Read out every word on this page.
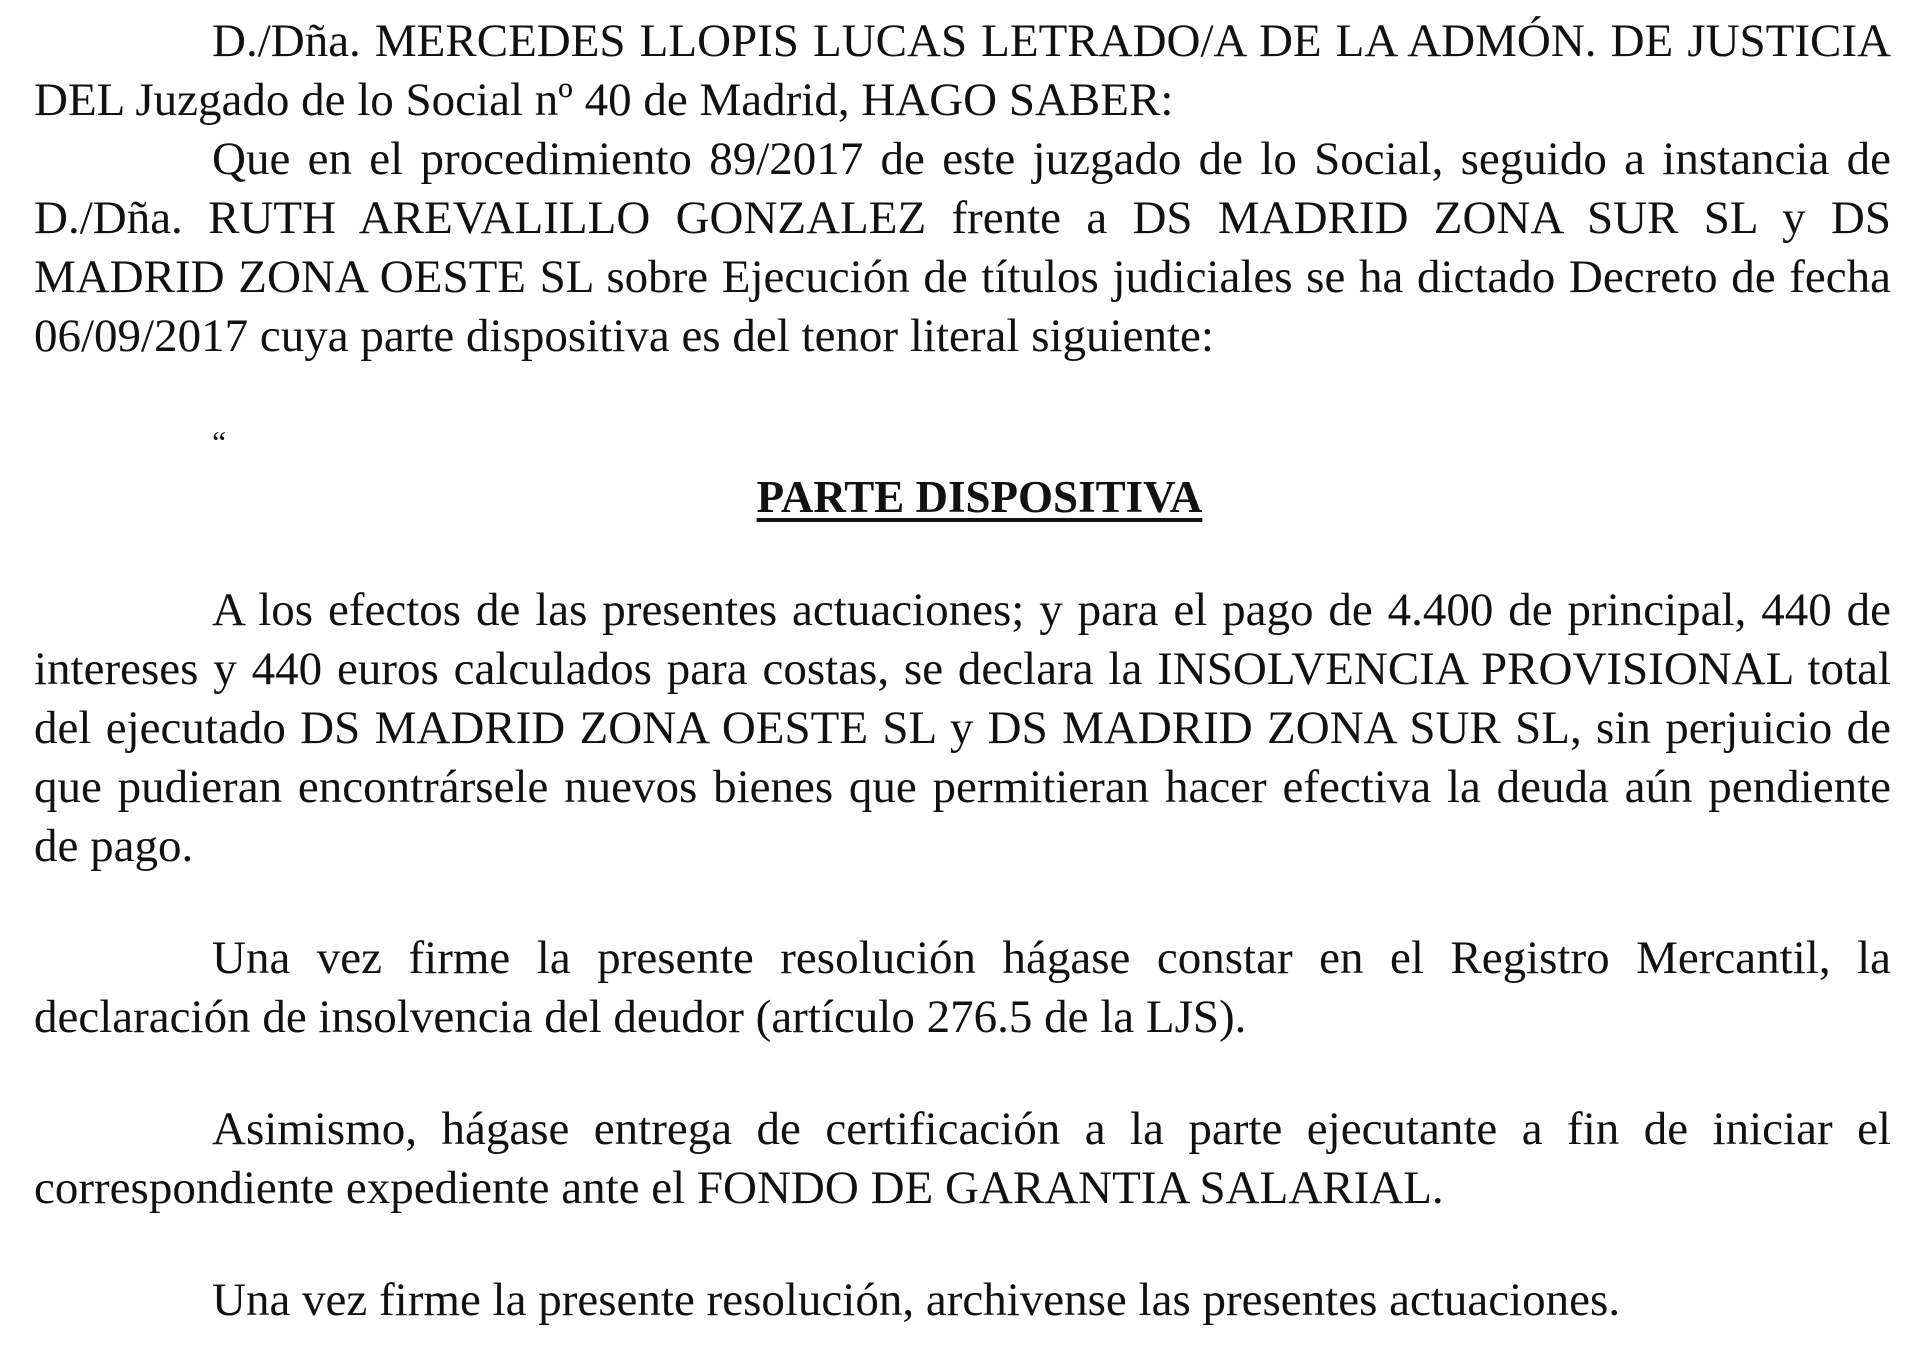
D./Dña. MERCEDES LLOPIS LUCAS LETRADO/A DE LA ADMÓN. DE JUSTICIA DEL Juzgado de lo Social nº 40 de Madrid, HAGO SABER:

Que en el procedimiento 89/2017 de este juzgado de lo Social, seguido a instancia de D./Dña. RUTH AREVALILLO GONZALEZ frente a DS MADRID ZONA SUR SL y DS MADRID ZONA OESTE SL sobre Ejecución de títulos judiciales se ha dictado Decreto de fecha 06/09/2017 cuya parte dispositiva es del tenor literal siguiente:

“

PARTE DISPOSITIVA

A los efectos de las presentes actuaciones; y para el pago de 4.400 de principal, 440 de intereses y 440 euros calculados para costas, se declara la INSOLVENCIA PROVISIONAL total del ejecutado DS MADRID ZONA OESTE SL y DS MADRID ZONA SUR SL, sin perjuicio de que pudieran encontrársele nuevos bienes que permitieran hacer efectiva la deuda aún pendiente de pago.

Una vez firme la presente resolución hágase constar en el Registro Mercantil, la declaración de insolvencia del deudor (artículo 276.5 de la LJS).

Asimismo, hágase entrega de certificación a la parte ejecutante a fin de iniciar el correspondiente expediente ante el FONDO DE GARANTIA SALARIAL.

Una vez firme la presente resolución, archivense las presentes actuaciones.
